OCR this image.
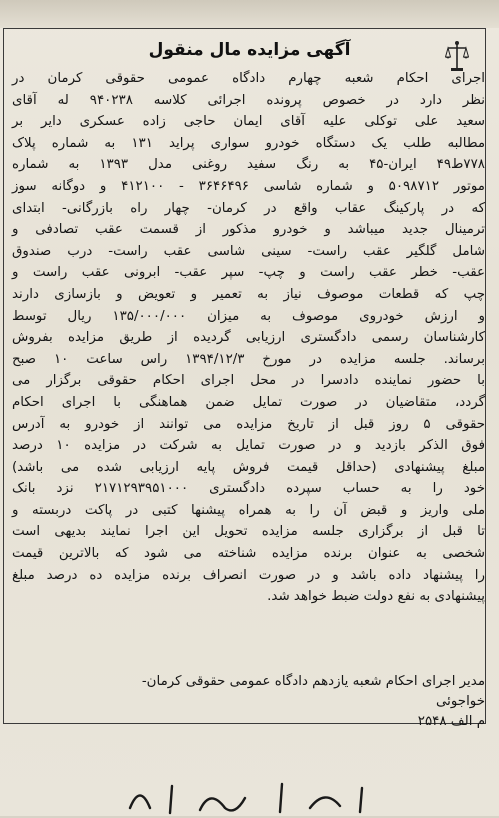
آگهی مزایده مال منقول
اجرای احکام شعبه چهارم دادگاه عمومی حقوقی کرمان در
نظر دارد در خصوص پرونده اجرائی کلاسه ۹۴۰۲۳۸ له آقای
سعید علی توکلی علیه آقای ایمان حاجی زاده عسکری دایر بر
مطالبه طلب یک دستگاه خودرو سواری پراید ۱۳۱ به شماره پلاک
۷۷۸ط۴۹ ایران-۴۵ به رنگ سفید روغنی مدل ۱۳۹۳ به شماره
موتور ۵۰۹۸۷۱۲ و شماره شاسی ۳۶۴۶۴۹۶ - ۴۱۲۱۰۰ و دوگانه سوز
که در پارکینگ عقاب واقع در کرمان- چهار راه بازرگانی- ابتدای
ترمینال جدید میباشد و خودرو مذکور از قسمت عقب تصادفی و
شامل گلگیر عقب راست- سینی شاسی عقب راست- درب صندوق
عقب- خطر عقب راست و چپ- سپر عقب- ابرونی عقب راست و
چپ که قطعات موصوف نیاز به تعمیر و تعویض و بازسازی دارند
و ارزش خودروی موصوف به میزان ۱۳۵/۰۰۰/۰۰۰ ریال توسط
کارشناسان رسمی دادگستری ارزیابی گردیده از طریق مزایده بفروش
برساند. جلسه مزایده در مورخ ۱۳۹۴/۱۲/۳ راس ساعت ۱۰ صبح
با حضور نماینده دادسرا در محل اجرای احکام حقوقی برگزار می
گردد، متقاضیان در صورت تمایل ضمن هماهنگی با اجرای احکام
حقوقی ۵ روز قبل از تاریخ مزایده می توانند از خودرو به آدرس
فوق الذکر بازدید و در صورت تمایل به شرکت در مزایده ۱۰ درصد
مبلغ پیشنهادی (حداقل قیمت فروش پایه ارزیابی شده می باشد)
خود را به حساب سپرده دادگستری ۲۱۷۱۲۹۳۹۵۱۰۰۰ نزد بانک
ملی واریز و قبض آن را به همراه پیشنها کتبی در پاکت دربسته و
تا قبل از برگزاری جلسه مزایده تحویل این اجرا نمایند بدیهی است
شخصی به عنوان برنده مزایده شناخته می شود که بالاترین قیمت
را پیشنهاد داده باشد و در صورت انصراف برنده مزایده ده درصد مبلغ
پیشنهادی به نفع دولت ضبط خواهد شد.
مدیر اجرای احکام شعبه یازدهم دادگاه عمومی حقوقی کرمان-
خواجوئی
م الف ۲۵۴۸
